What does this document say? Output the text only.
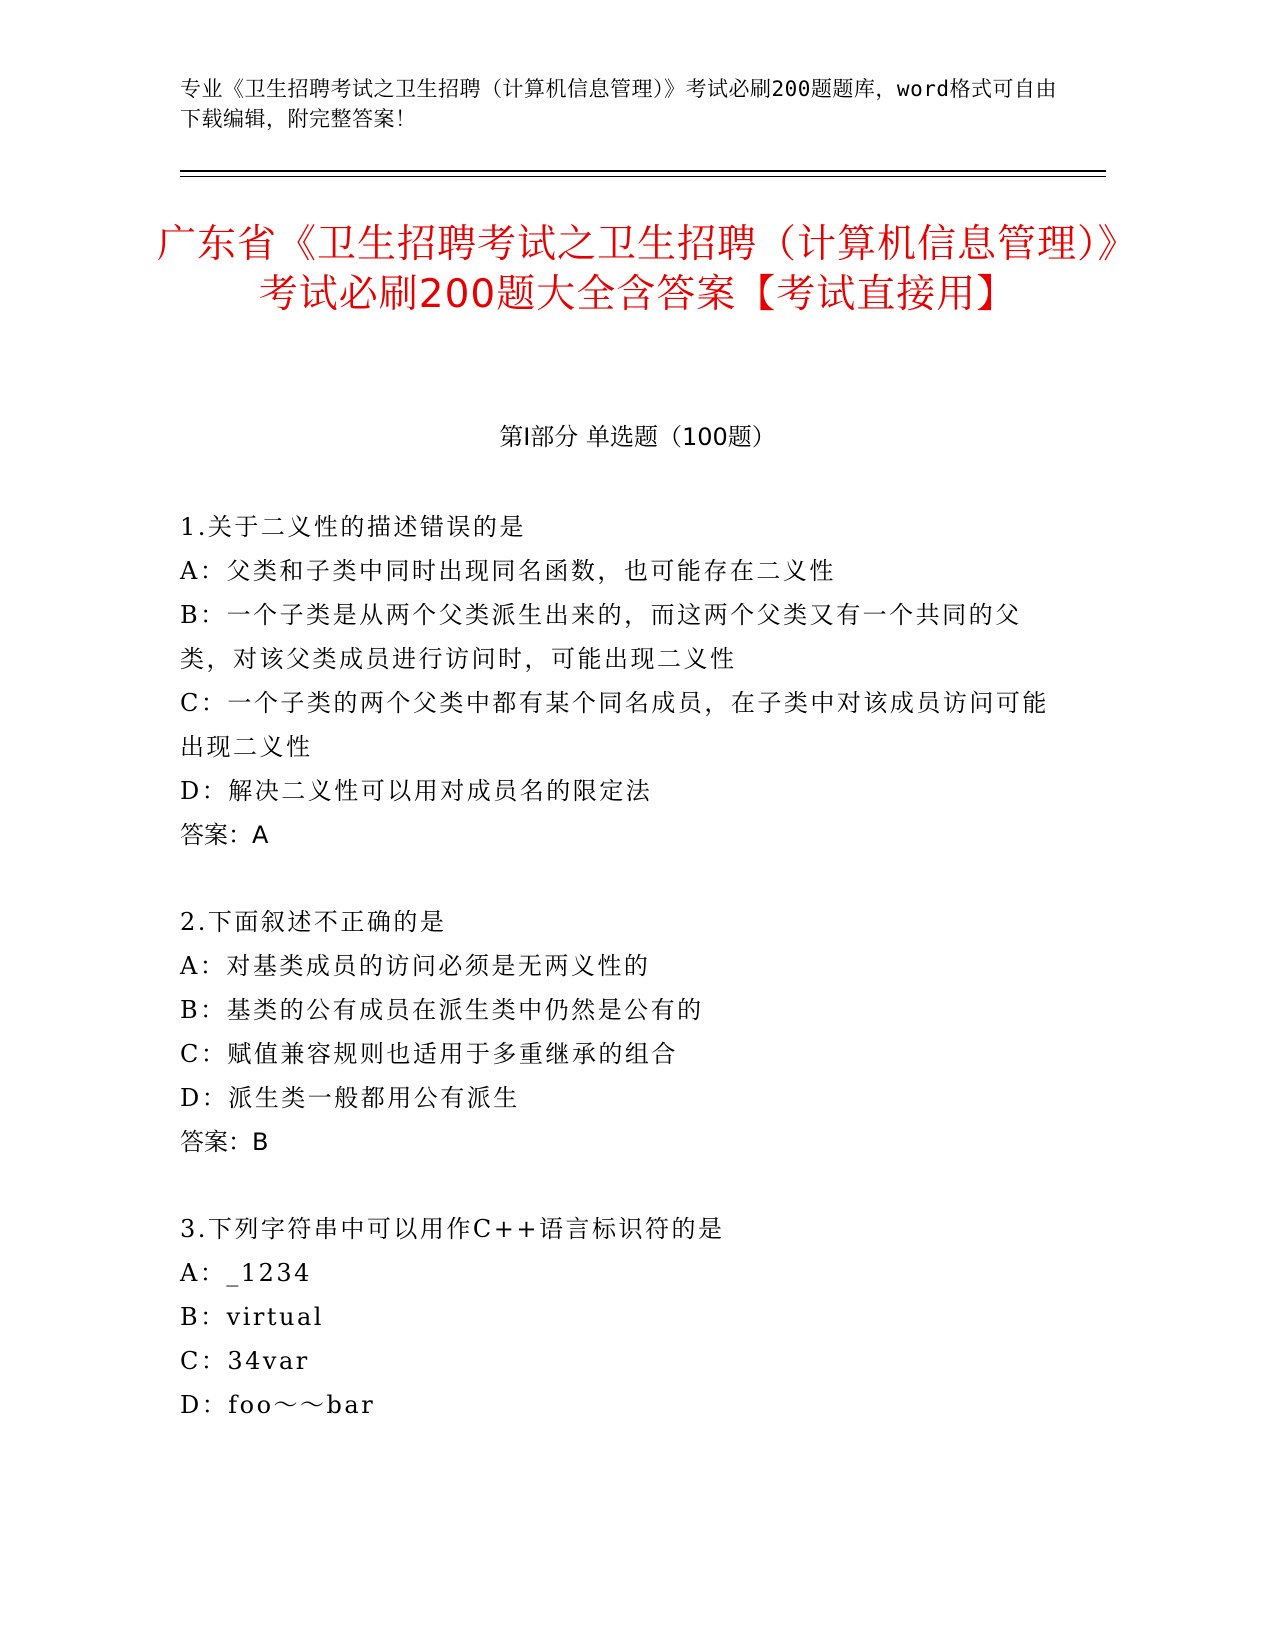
专业《卫生招聘考试之卫生招聘（计算机信息管理）》考试必刷200题题库，word格式可自由下载编辑，附完整答案！
广东省《卫生招聘考试之卫生招聘（计算机信息管理）》考试必刷200题大全含答案【考试直接用】
第Ⅰ部分 单选题（100题）
1.关于二义性的描述错误的是
A：父类和子类中同时出现同名函数，也可能存在二义性
B：一个子类是从两个父类派生出来的，而这两个父类又有一个共同的父类，对该父类成员进行访问时，可能出现二义性
C：一个子类的两个父类中都有某个同名成员，在子类中对该成员访问可能出现二义性
D：解决二义性可以用对成员名的限定法
答案：A
2.下面叙述不正确的是
A：对基类成员的访问必须是无两义性的
B：基类的公有成员在派生类中仍然是公有的
C：赋值兼容规则也适用于多重继承的组合
D：派生类一般都用公有派生
答案：B
3.下列字符串中可以用作C++语言标识符的是
A：_1234
B：virtual
C：34var
D：foo～～bar
